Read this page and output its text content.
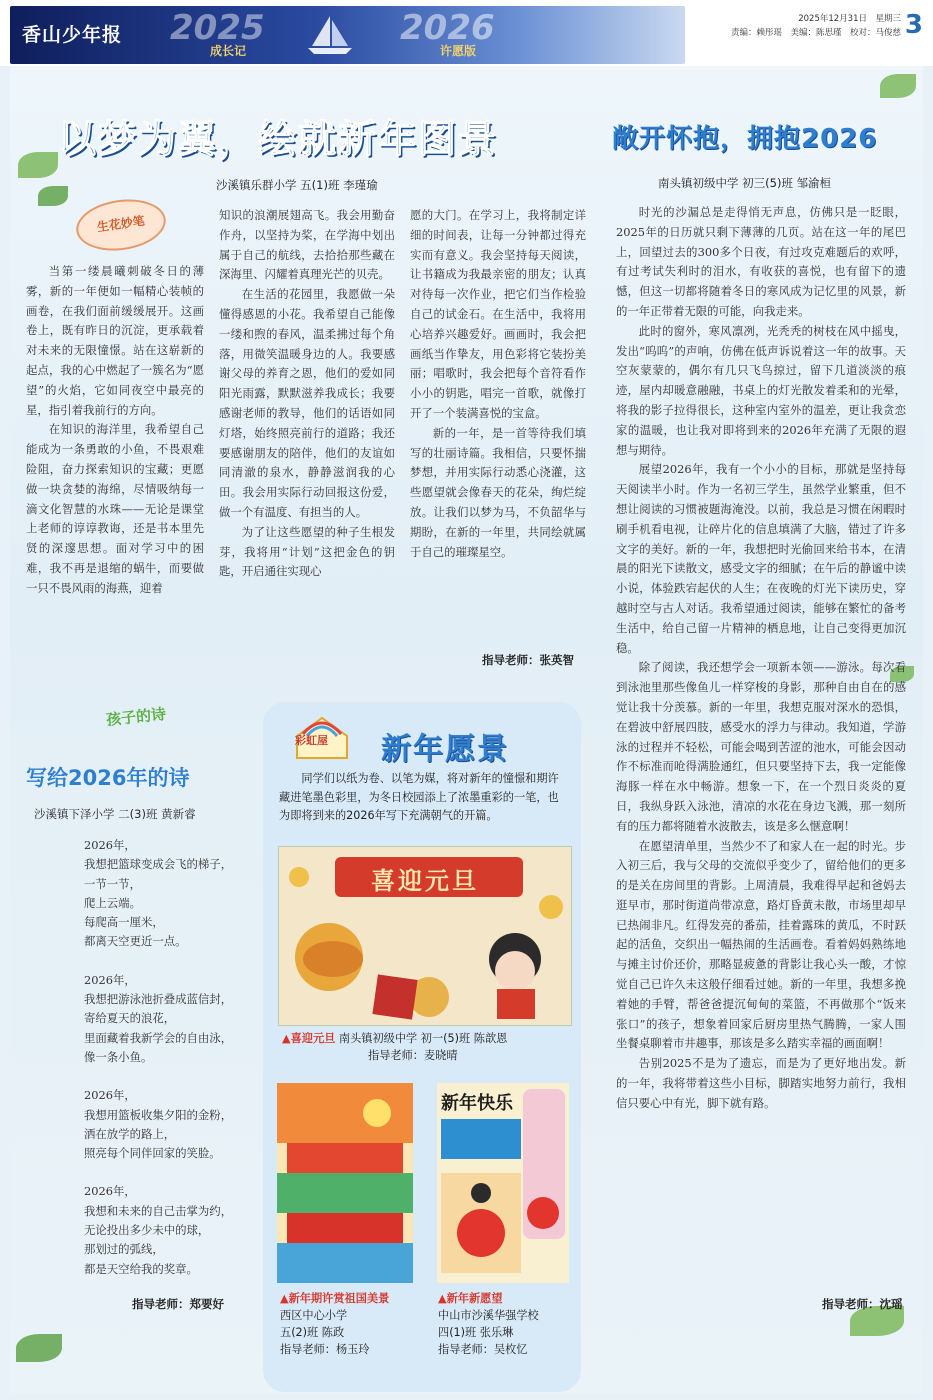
香山少年报 2025	2026
成长记	许愿版
2025年12月31日　星期三
责编：赖彤瑶　美编：陈思瑾　校对：马俊慈 3
以梦为翼，绘就新年图景
沙溪镇乐群小学 五(1)班 李瑾瑜
生花妙笔

当第一缕晨曦刺破冬日的薄雾，新的一年便如一幅精心装帧的画卷，在我们面前缓缓展开。这画卷上，既有昨日的沉淀，更承载着对未来的无限憧憬。站在这崭新的起点，我的心中燃起了一簇名为“愿望”的火焰，它如同夜空中最亮的星，指引着我前行的方向。

在知识的海洋里，我希望自己能成为一条勇敢的小鱼，不畏艰难险阻，奋力探索知识的宝藏；更愿做一块贪婪的海绵，尽情吸纳每一滴文化智慧的水珠——无论是课堂上老师的谆谆教诲，还是书本里先贤的深邃思想。面对学习中的困难，我不再是退缩的蜗牛，而要做一只不畏风雨的海燕，迎着

知识的浪潮展翅高飞。我会用勤奋作舟，以坚持为桨，在学海中划出属于自己的航线，去拾拾那些藏在深海里、闪耀着真理光芒的贝壳。

在生活的花园里，我愿做一朵懂得感恩的小花。我希望自己能像一缕和煦的春风，温柔拂过每个角落，用微笑温暖身边的人。我要感谢父母的养育之恩，他们的爱如同阳光雨露，默默滋养我成长；我要感谢老师的教导，他们的话语如同灯塔，始终照亮前行的道路；我还要感谢朋友的陪伴，他们的友谊如同清澈的泉水，静静滋润我的心田。我会用实际行动回报这份爱，做一个有温度、有担当的人。

为了让这些愿望的种子生根发芽，我将用“计划”这把金色的钥匙，开启通往实现心

愿的大门。在学习上，我将制定详细的时间表，让每一分钟都过得充实而有意义。我会坚持每天阅读，让书籍成为我最亲密的朋友；认真对待每一次作业，把它们当作检验自己的试金石。在生活中，我将用心培养兴趣爱好。画画时，我会把画纸当作挚友，用色彩将它装扮美丽；唱歌时，我会把每个音符看作小小的钥匙，唱完一首歌，就像打开了一个装满喜悦的宝盒。

新的一年，是一首等待我们填写的壮丽诗篇。我相信，只要怀揣梦想，并用实际行动悉心浇灌，这些愿望就会像春天的花朵，绚烂绽放。让我们以梦为马，不负韶华与期盼，在新的一年里，共同绘就属于自己的璀璨星空。

指导老师：张英智
敞开怀抱，拥抱2026
南头镇初级中学 初三(5)班 邹渝桓

时光的沙漏总是走得悄无声息，仿佛只是一眨眼，2025年的日历就只剩下薄薄的几页。站在这一年的尾巴上，回望过去的300多个日夜，有过攻克难题后的欢呼，有过考试失利时的泪水，有收获的喜悦，也有留下的遗憾，但这一切都将随着冬日的寒风成为记忆里的风景，新的一年正带着无限的可能，向我走来。

此时的窗外，寒风凛冽，光秃秃的树枝在风中摇曳，发出“呜呜”的声响，仿佛在低声诉说着这一年的故事。天空灰蒙蒙的，偶尔有几只飞鸟掠过，留下几道淡淡的痕迹，屋内却暖意融融，书桌上的灯光散发着柔和的光晕，将我的影子拉得很长，这种室内室外的温差，更让我贪恋家的温暖，也让我对即将到来的2026年充满了无限的遐想与期待。

展望2026年，我有一个小小的目标，那就是坚持每天阅读半小时。作为一名初三学生，虽然学业繁重，但不想让阅读的习惯被题海淹没。以前，我总是习惯在闲暇时刷手机看电视，让碎片化的信息填满了大脑，错过了许多文字的美好。新的一年，我想把时光偷回来给书本，在清晨的阳光下读散文，感受文字的细腻；在午后的静谧中读小说，体验跌宕起伏的人生；在夜晚的灯光下读历史，穿越时空与古人对话。我希望通过阅读，能够在繁忙的备考生活中，给自己留一片精神的栖息地，让自己变得更加沉稳。

除了阅读，我还想学会一项新本领——游泳。每次看到泳池里那些像鱼儿一样穿梭的身影，那种自由自在的感觉让我十分羡慕。新的一年里，我想克服对深水的恐惧，在碧波中舒展四肢，感受水的浮力与律动。我知道，学游泳的过程并不轻松，可能会喝到苦涩的池水，可能会因动作不标准而呛得满脸通红，但只要坚持下去，我一定能像海豚一样在水中畅游。想象一下，在一个烈日炎炎的夏日，我纵身跃入泳池，清凉的水花在身边飞溅，那一刻所有的压力都将随着水波散去，该是多么惬意啊！

在愿望清单里，当然少不了和家人在一起的时光。步入初三后，我与父母的交流似乎变少了，留给他们的更多的是关在房间里的背影。上周清晨，我难得早起和爸妈去逛早市，那时街道尚带凉意，路灯昏黄未散，市场里却早已热闹非凡。红得发亮的番茄，挂着露珠的黄瓜，不时跃起的活鱼，交织出一幅热闹的生活画卷。看着妈妈熟练地与摊主讨价还价，那略显疲惫的背影让我心头一酸，才惊觉自己已许久未这般仔细看过她。新的一年里，我想多挽着她的手臂，帮爸爸提沉甸甸的菜篮，不再做那个“饭来张口”的孩子，想象着回家后厨房里热气腾腾，一家人围坐餐桌聊着市井趣事，那该是多么踏实幸福的画面啊！

告别2025不是为了遗忘，而是为了更好地出发。新的一年，我将带着这些小目标，脚踏实地努力前行，我相信只要心中有光，脚下就有路。

指导老师：沈瑶
孩子的诗
写给2026年的诗
沙溪镇下泽小学 二(3)班 黄新睿
2026年，
我想把篮球变成会飞的梯子，
一节一节，
爬上云端。
每爬高一厘米，
都离天空更近一点。
2026年，
我想把游泳池折叠成蓝信封，
寄给夏天的浪花，
里面藏着我新学会的自由泳，
像一条小鱼。
2026年，
我想用篮板收集夕阳的金粉，
洒在放学的路上，
照亮每个同伴回家的笑脸。
2026年，
我想和未来的自己击掌为约，
无论投出多少未中的球，
那划过的弧线，
都是天空给我的奖章。
指导老师：郑要好
彩虹屋 新年愿景
同学们以纸为卷、以笔为媒，将对新年的憧憬和期许藏进笔墨色彩里，为冬日校园添上了浓墨重彩的一笔，也为即将到来的2026年写下充满朝气的开篇。
喜迎元旦
▲喜迎元旦 南头镇初级中学 初一(5)班 陈歆恩
指导老师：麦晓晴
▲新年期许赏祖国美景
西区中心小学
五(2)班 陈政
指导老师：杨玉玲
新年快乐
▲新年新愿望
中山市沙溪华强学校
四(1)班 张乐琳
指导老师：吴枚忆
